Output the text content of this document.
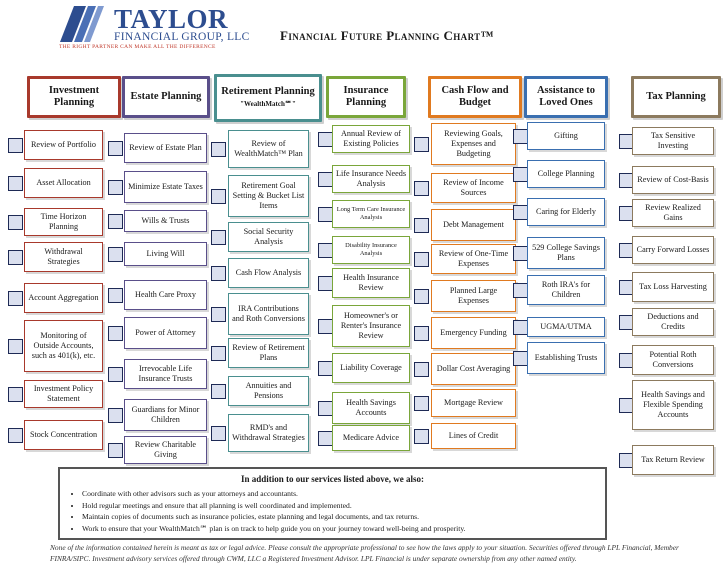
TAYLOR
FINANCIAL GROUP, LLC
THE RIGHT PARTNER CAN MAKE ALL THE DIFFERENCE
Financial Future Planning Chart™
Investment Planning
Review of Portfolio
Asset Allocation
Time Horizon Planning
Withdrawal Strategies
Account Aggregation
Monitoring of Outside Accounts, such as 401(k), etc.
Investment Policy Statement
Stock Concentration
Estate Planning
Review of Estate Plan
Minimize Estate Taxes
Wills & Trusts
Living Will
Health Care Proxy
Power of Attorney
Irrevocable Life Insurance Trusts
Guardians for Minor Children
Review Charitable Giving
Retirement Planning
"WealthMatch℠"
Review of WealthMatch™ Plan
Retirement Goal Setting & Bucket List Items
Social Security Analysis
Cash Flow Analysis
IRA Contributions and Roth Conversions
Review of Retirement Plans
Annuities and Pensions
RMD's and Withdrawal Strategies
Insurance Planning
Annual Review of Existing Policies
Life Insurance Needs Analysis
Long Term Care Insurance Analysis
Disability Insurance Analysis
Health Insurance Review
Homeowner's or Renter's Insurance Review
Liability Coverage
Health Savings Accounts
Medicare Advice
Cash Flow and Budget
Reviewing Goals, Expenses and Budgeting
Review of Income Sources
Debt Management
Review of One-Time Expenses
Planned Large Expenses
Emergency Funding
Dollar Cost Averaging
Mortgage Review
Lines of Credit
Assistance to Loved Ones
Gifting
College Planning
Caring for Elderly
529 College Savings Plans
Roth IRA's for Children
UGMA/UTMA
Establishing Trusts
Tax Planning
Tax Sensitive Investing
Review of Cost-Basis
Review Realized Gains
Carry Forward Losses
Tax Loss Harvesting
Deductions and Credits
Potential Roth Conversions
Health Savings and Flexible Spending Accounts
Tax Return Review
In addition to our services listed above, we also:
• Coordinate with other advisors such as your attorneys and accountants.
• Hold regular meetings and ensure that all planning is well coordinated and implemented.
• Maintain copies of documents such as insurance policies, estate planning and legal documents, and tax returns.
• Work to ensure that your WealthMatch℠ plan is on track to help guide you on your journey toward well-being and prosperity.
None of the information contained herein is meant as tax or legal advice. Please consult the appropriate professional to see how the laws apply to your situation. Securities offered through LPL Financial, Member FINRA/SIPC. Investment advisory services offered through CWM, LLC a Registered Investment Advisor. LPL Financial is under separate ownership from any other named entity.
